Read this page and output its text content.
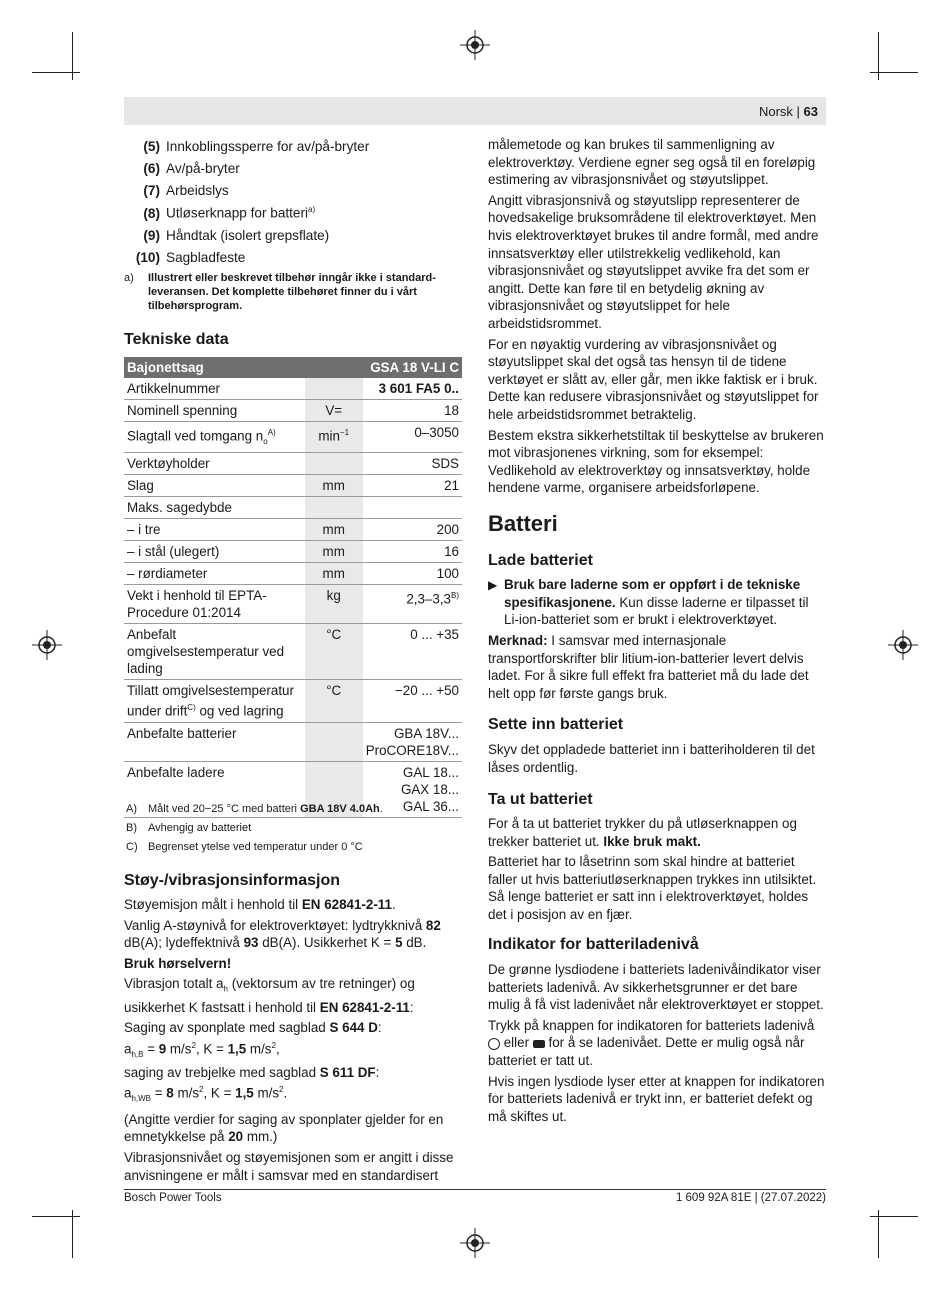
Norsk | 63
(5) Innkoblingssperre for av/på-bryter
(6) Av/på-bryter
(7) Arbeidslys
(8) Utløserknapp for batteri$^{a)}$
(9) Håndtak (isolert grepsflate)
(10) Sagbladfeste
a) Illustrert eller beskrevet tilbehør inngår ikke i standard-leveransen. Det komplette tilbehøret finner du i vårt tilbehørsprogram.
Tekniske data
Bajonettsag		GSA 18 V-LI C
Artikkelnummer		3 601 FA5 0..
Nominell spenning	V=	18
Slagtall ved tomgang $n_o^{A)}$	$\min^{-1}$	0–3050
Verktøyholder		SDS
Slag	mm	21
Maks. sagedybde		
– i tre	mm	200
– i stål (ulegert)	mm	16
– rørdiameter	mm	100
Vekt i henhold til EPTA-Procedure 01:2014	kg	$2,3-3,3^{B)}$
Anbefalt omgivelsestemperatur ved lading	°C	0 ... +35
Tillatt omgivelsestemperatur under drift$^{C)}$ og ved lagring	°C	−20 ... +50
Anbefalte batterier		GBA 18V...
ProCORE18V...

Anbefalte ladere		GAL 18...
GAX 18...
GAL 36...
A) Målt ved 20−25 °C med batteri GBA 18V 4.0Ah.
B) Avhengig av batteriet
C) Begrenset ytelse ved temperatur under 0 °C
Støy-/vibrasjonsinformasjon

Støyemisjon målt i henhold til EN 62841-2-11.

Vanlig A-støynivå for elektroverktøyet: lydtrykknivå 82 dB(A); lydeffektnivå 93 dB(A). Usikkerhet K = 5 dB.

Bruk hørselvern!

Vibrasjon totalt $a_h$ (vektorsum av tre retninger) og usikkerhet K fastsatt i henhold til EN 62841-2-11:

Saging av sponplate med sagblad S 644 D:

$a_{h,B} = 9$ $m/s^2$, K = 1,5 $m/s^2$,

saging av trebjelke med sagblad S 611 DF:

$a_{h,WB} = 8$ $m/s^2$, K = 1,5 $m/s^2$.

(Angitte verdier for saging av sponplater gjelder for en emnetykkelse på 20 mm.)

Vibrasjonsnivået og støyemisjonen som er angitt i disse anvisningene er målt i samsvar med en standardisert

målemetode og kan brukes til sammenligning av elektroverktøy. Verdiene egner seg også til en foreløpig estimering av vibrasjonsnivået og støyutslippet.

Angitt vibrasjonsnivå og støyutslipp representerer de hovedsakelige bruksområdene til elektroverktøyet. Men hvis elektroverktøyet brukes til andre formål, med andre innsatsverktøy eller utilstrekkelig vedlikehold, kan vibrasjonsnivået og støyutslippet avvike fra det som er angitt. Dette kan føre til en betydelig økning av vibrasjonsnivået og støyutslippet for hele arbeidstidsrommet.

For en nøyaktig vurdering av vibrasjonsnivået og støyutslippet skal det også tas hensyn til de tidene verktøyet er slått av, eller går, men ikke faktisk er i bruk. Dette kan redusere vibrasjonsnivået og støyutslippet for hele arbeidstidsrommet betraktelig.

Bestem ekstra sikkerhetstiltak til beskyttelse av brukeren mot vibrasjonenes virkning, som for eksempel: Vedlikehold av elektroverktøy og innsatsverktøy, holde hendene varme, organisere arbeidsforløpene.

Batteri
Lade batteriet
▶ Bruk bare laderne som er oppført i de tekniske spesifikasjonene. Kun disse laderne er tilpasset til Li-ion-batteriet som er brukt i elektroverktøyet.
Merknad: I samsvar med internasjonale transportforskrifter blir litium-ion-batterier levert delvis ladet. For å sikre full effekt fra batteriet må du lade det helt opp før første gangs bruk.
Sette inn batteriet
Skyv det oppladede batteriet inn i batteriholderen til det låses ordentlig.
Ta ut batteriet

For å ta ut batteriet trykker du på utløserknappen og trekker batteriet ut. Ikke bruk makt.

Batteriet har to låsetrinn som skal hindre at batteriet faller ut hvis batteriutløserknappen trykkes inn utilsiktet. Så lenge batteriet er satt inn i elektroverktøyet, holdes det i posisjon av en fjær.

Indikator for batteriladenivå

De grønne lysdiodene i batteriets ladenivåindikator viser batteriets ladenivå. Av sikkerhetsgrunner er det bare mulig å få vist ladenivået når elektroverktøyet er stoppet.

Trykk på knappen for indikatoren for batteriets ladenivå  eller  for å se ladenivået. Dette er mulig også når batteriet er tatt ut.

Hvis ingen lysdiode lyser etter at knappen for indikatoren for batteriets ladenivå er trykt inn, er batteriet defekt og må skiftes ut.

Bosch Power Tools	1 609 92A 81E | (27.07.2022)
